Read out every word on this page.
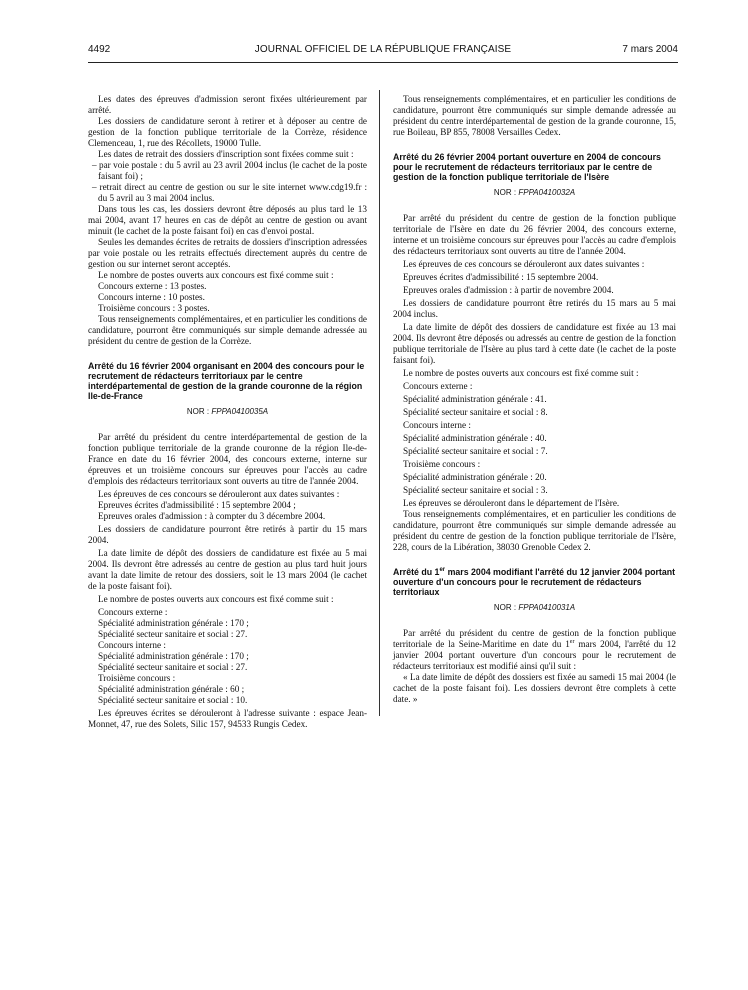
4492	JOURNAL OFFICIEL DE LA RÉPUBLIQUE FRANÇAISE	7 mars 2004

Les dates des épreuves d'admission seront fixées ultérieurement par arrêté.

Les dossiers de candidature seront à retirer et à déposer au centre de gestion de la fonction publique territoriale de la Corrèze, résidence Clemenceau, 1, rue des Récollets, 19000 Tulle.

Les dates de retrait des dossiers d'inscription sont fixées comme suit :

– par voie postale : du 5 avril au 23 avril 2004 inclus (le cachet de la poste faisant foi) ;

– retrait direct au centre de gestion ou sur le site internet www.cdg19.fr : du 5 avril au 3 mai 2004 inclus.

Dans tous les cas, les dossiers devront être déposés au plus tard le 13 mai 2004, avant 17 heures en cas de dépôt au centre de gestion ou avant minuit (le cachet de la poste faisant foi) en cas d'envoi postal.

Seules les demandes écrites de retraits de dossiers d'inscription adressées par voie postale ou les retraits effectués directement auprès du centre de gestion ou sur internet seront acceptés.

Le nombre de postes ouverts aux concours est fixé comme suit :

Concours externe : 13 postes.

Concours interne : 10 postes.

Troisième concours : 3 postes.

Tous renseignements complémentaires, et en particulier les conditions de candidature, pourront être communiqués sur simple demande adressée au président du centre de gestion de la Corrèze.

Arrêté du 16 février 2004 organisant en 2004 des concours pour le recrutement de rédacteurs territoriaux par le centre interdépartemental de gestion de la grande couronne de la région Ile-de-France

NOR : FPPA0410035A

Par arrêté du président du centre interdépartemental de gestion de la fonction publique territoriale de la grande couronne de la région Ile-de-France en date du 16 février 2004, des concours externe, interne sur épreuves et un troisième concours sur épreuves pour l'accès au cadre d'emplois des rédacteurs territoriaux sont ouverts au titre de l'année 2004.

Les épreuves de ces concours se dérouleront aux dates suivantes :

Epreuves écrites d'admissibilité : 15 septembre 2004 ;

Epreuves orales d'admission : à compter du 3 décembre 2004.

Les dossiers de candidature pourront être retirés à partir du 15 mars 2004.

La date limite de dépôt des dossiers de candidature est fixée au 5 mai 2004. Ils devront être adressés au centre de gestion au plus tard huit jours avant la date limite de retour des dossiers, soit le 13 mars 2004 (le cachet de la poste faisant foi).

Le nombre de postes ouverts aux concours est fixé comme suit :

Concours externe :

Spécialité administration générale : 170 ;

Spécialité secteur sanitaire et social : 27.

Concours interne :

Spécialité administration générale : 170 ;

Spécialité secteur sanitaire et social : 27.

Troisième concours :

Spécialité administration générale : 60 ;

Spécialité secteur sanitaire et social : 10.

Les épreuves écrites se dérouleront à l'adresse suivante : espace Jean-Monnet, 47, rue des Solets, Silic 157, 94533 Rungis Cedex.

Tous renseignements complémentaires, et en particulier les conditions de candidature, pourront être communiqués sur simple demande adressée au président du centre interdépartemental de gestion de la grande couronne, 15, rue Boileau, BP 855, 78008 Versailles Cedex.

Arrêté du 26 février 2004 portant ouverture en 2004 de concours pour le recrutement de rédacteurs territoriaux par le centre de gestion de la fonction publique territoriale de l'Isère

NOR : FPPA0410032A

Par arrêté du président du centre de gestion de la fonction publique territoriale de l'Isère en date du 26 février 2004, des concours externe, interne et un troisième concours sur épreuves pour l'accès au cadre d'emplois des rédacteurs territoriaux sont ouverts au titre de l'année 2004.

Les épreuves de ces concours se dérouleront aux dates suivantes :

Epreuves écrites d'admissibilité : 15 septembre 2004.

Epreuves orales d'admission : à partir de novembre 2004.

Les dossiers de candidature pourront être retirés du 15 mars au 5 mai 2004 inclus.

La date limite de dépôt des dossiers de candidature est fixée au 13 mai 2004. Ils devront être déposés ou adressés au centre de gestion de la fonction publique territoriale de l'Isère au plus tard à cette date (le cachet de la poste faisant foi).

Le nombre de postes ouverts aux concours est fixé comme suit :

Concours externe :

Spécialité administration générale : 41.

Spécialité secteur sanitaire et social : 8.

Concours interne :

Spécialité administration générale : 40.

Spécialité secteur sanitaire et social : 7.

Troisième concours :

Spécialité administration générale : 20.

Spécialité secteur sanitaire et social : 3.

Les épreuves se dérouleront dans le département de l'Isère.

Tous renseignements complémentaires, et en particulier les conditions de candidature, pourront être communiqués sur simple demande adressée au président du centre de gestion de la fonction publique territoriale de l'Isère, 228, cours de la Libération, 38030 Grenoble Cedex 2.

Arrêté du 1er mars 2004 modifiant l'arrêté du 12 janvier 2004 portant ouverture d'un concours pour le recrutement de rédacteurs territoriaux

NOR : FPPA0410031A

Par arrêté du président du centre de gestion de la fonction publique territoriale de la Seine-Maritime en date du 1er mars 2004, l'arrêté du 12 janvier 2004 portant ouverture d'un concours pour le recrutement de rédacteurs territoriaux est modifié ainsi qu'il suit :

« La date limite de dépôt des dossiers est fixée au samedi 15 mai 2004 (le cachet de la poste faisant foi). Les dossiers devront être complets à cette date. »
